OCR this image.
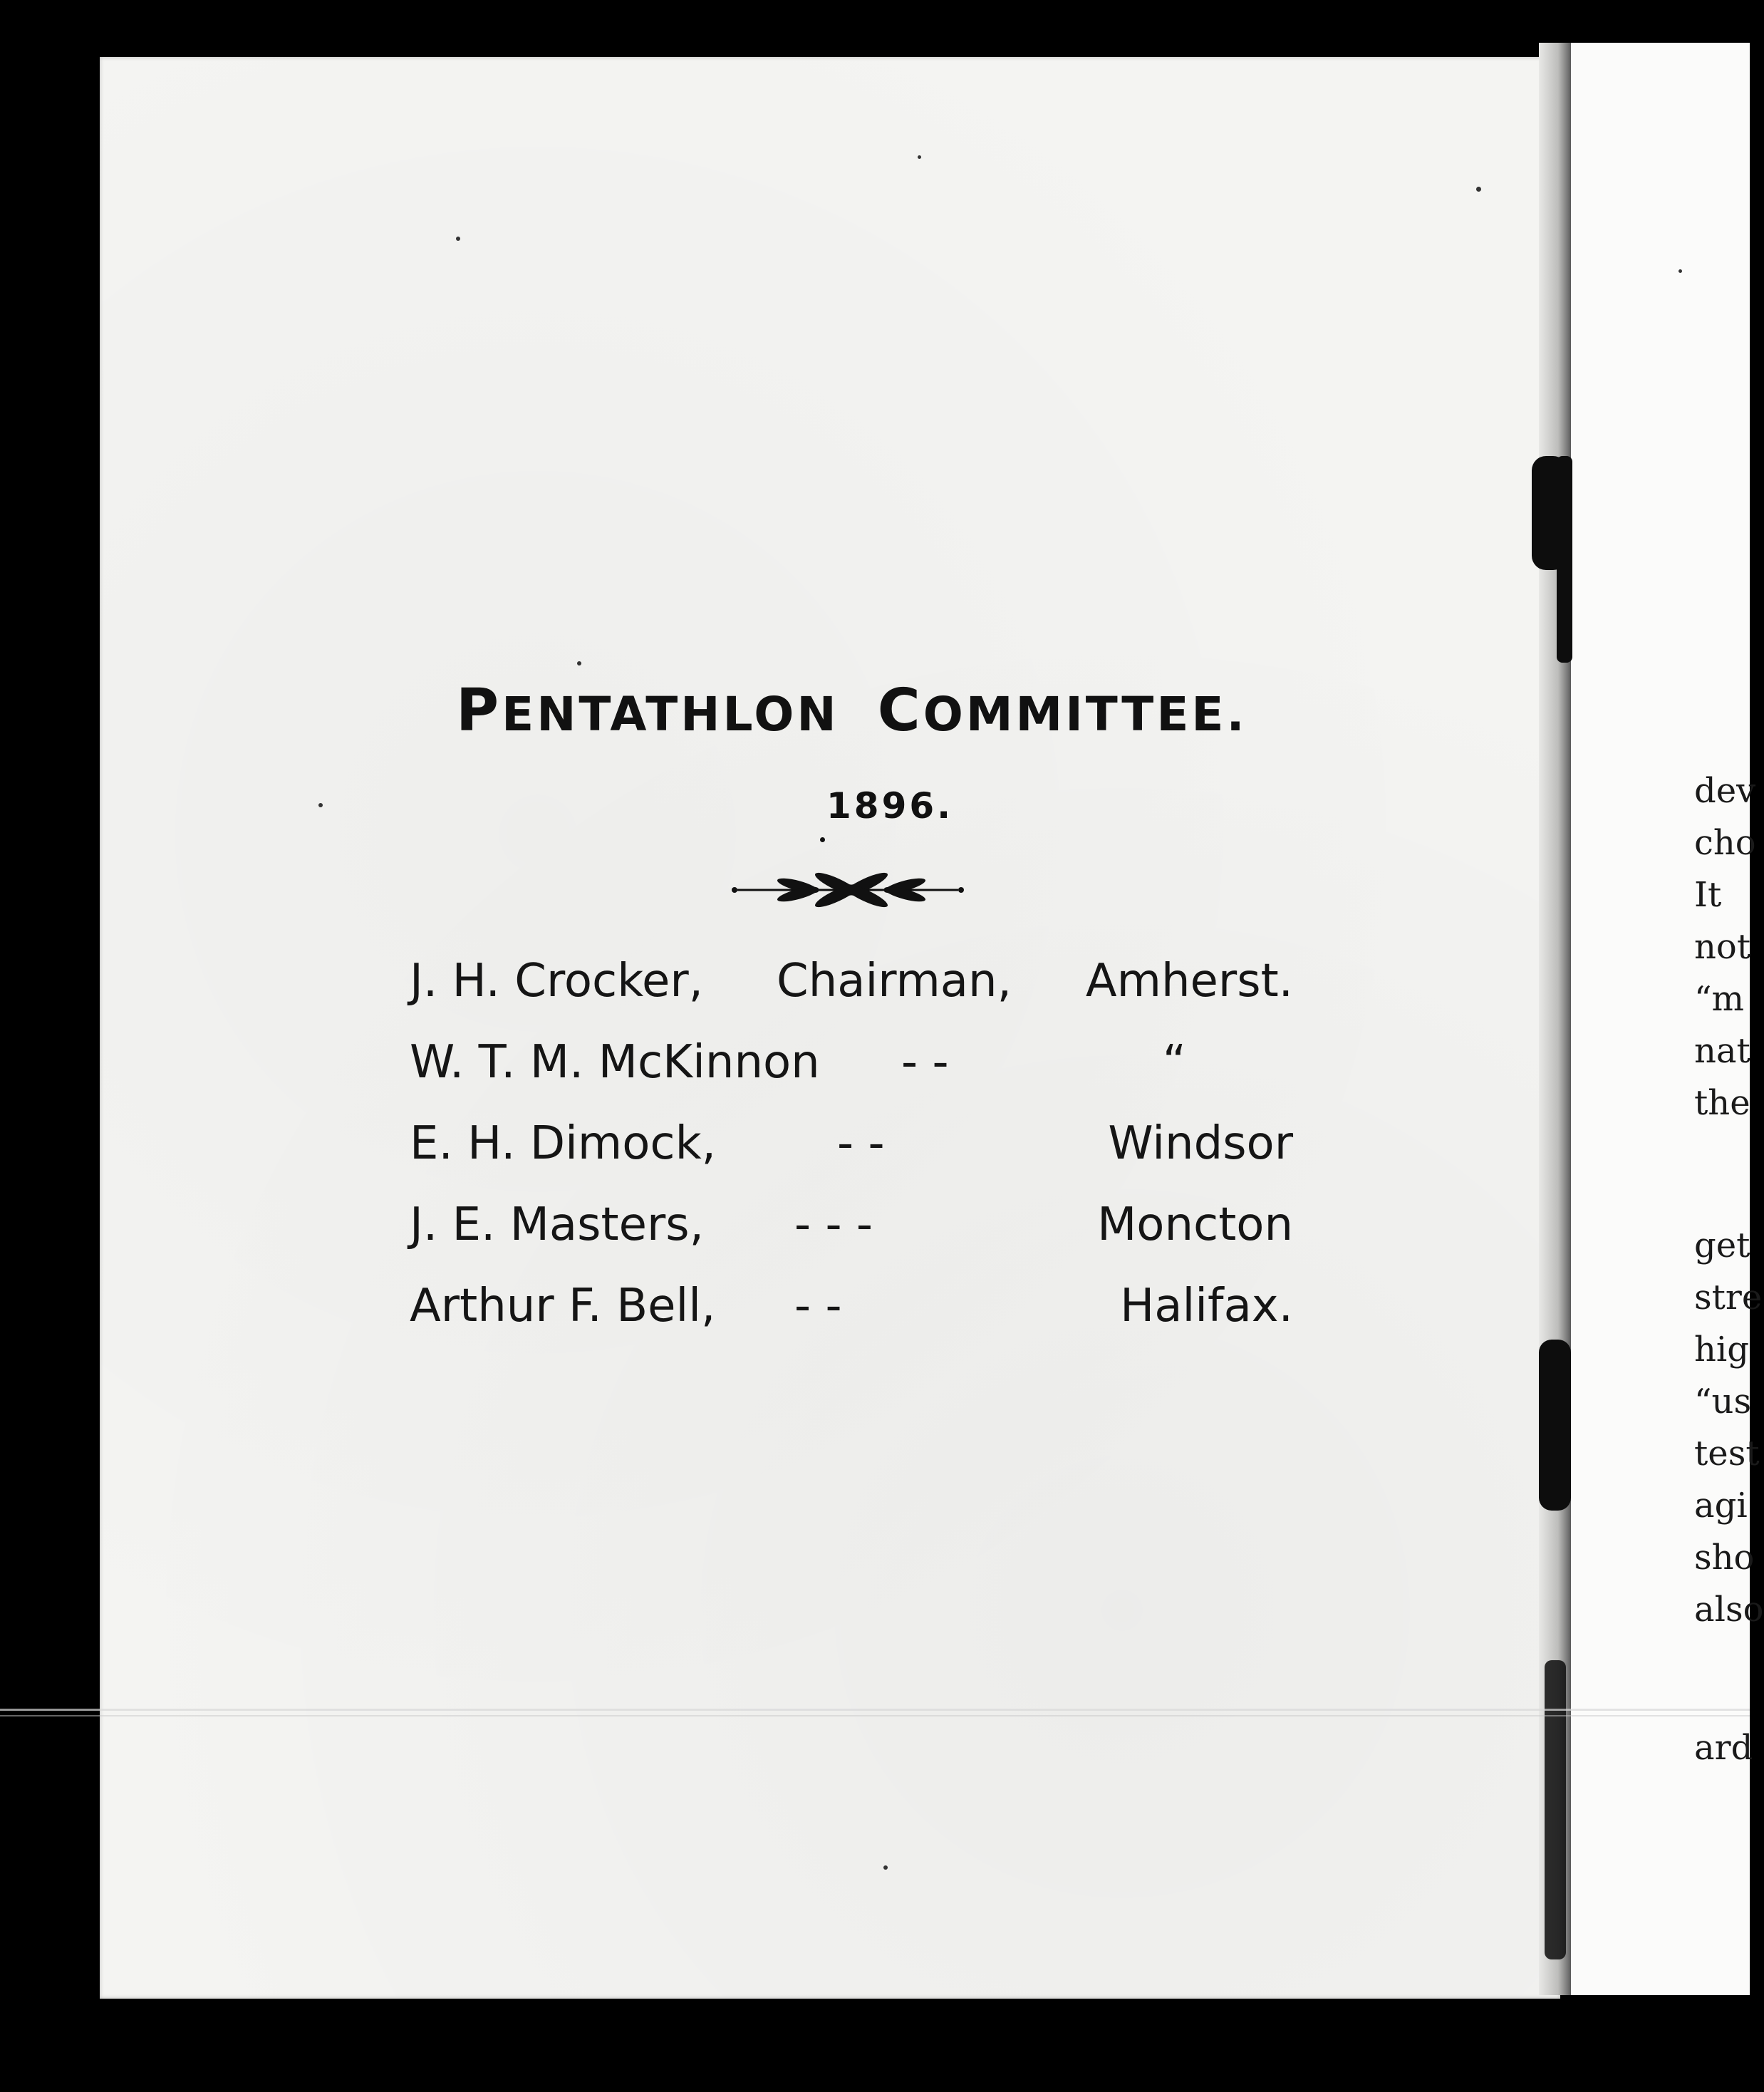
PENTATHLON COMMITTEE.
1896.
J. H. Crocker, Chairman, Amherst.
W. T. M. McKinnon - -	“
E. H. Dimock,	- -	Windsor
J. E. Masters, - - -	Moncton
Arthur F. Bell, - -	Halifax.
dev
cho
It
not
“m
nat
the
get
stre
hig
“us
test
agi
sho
also
ard
